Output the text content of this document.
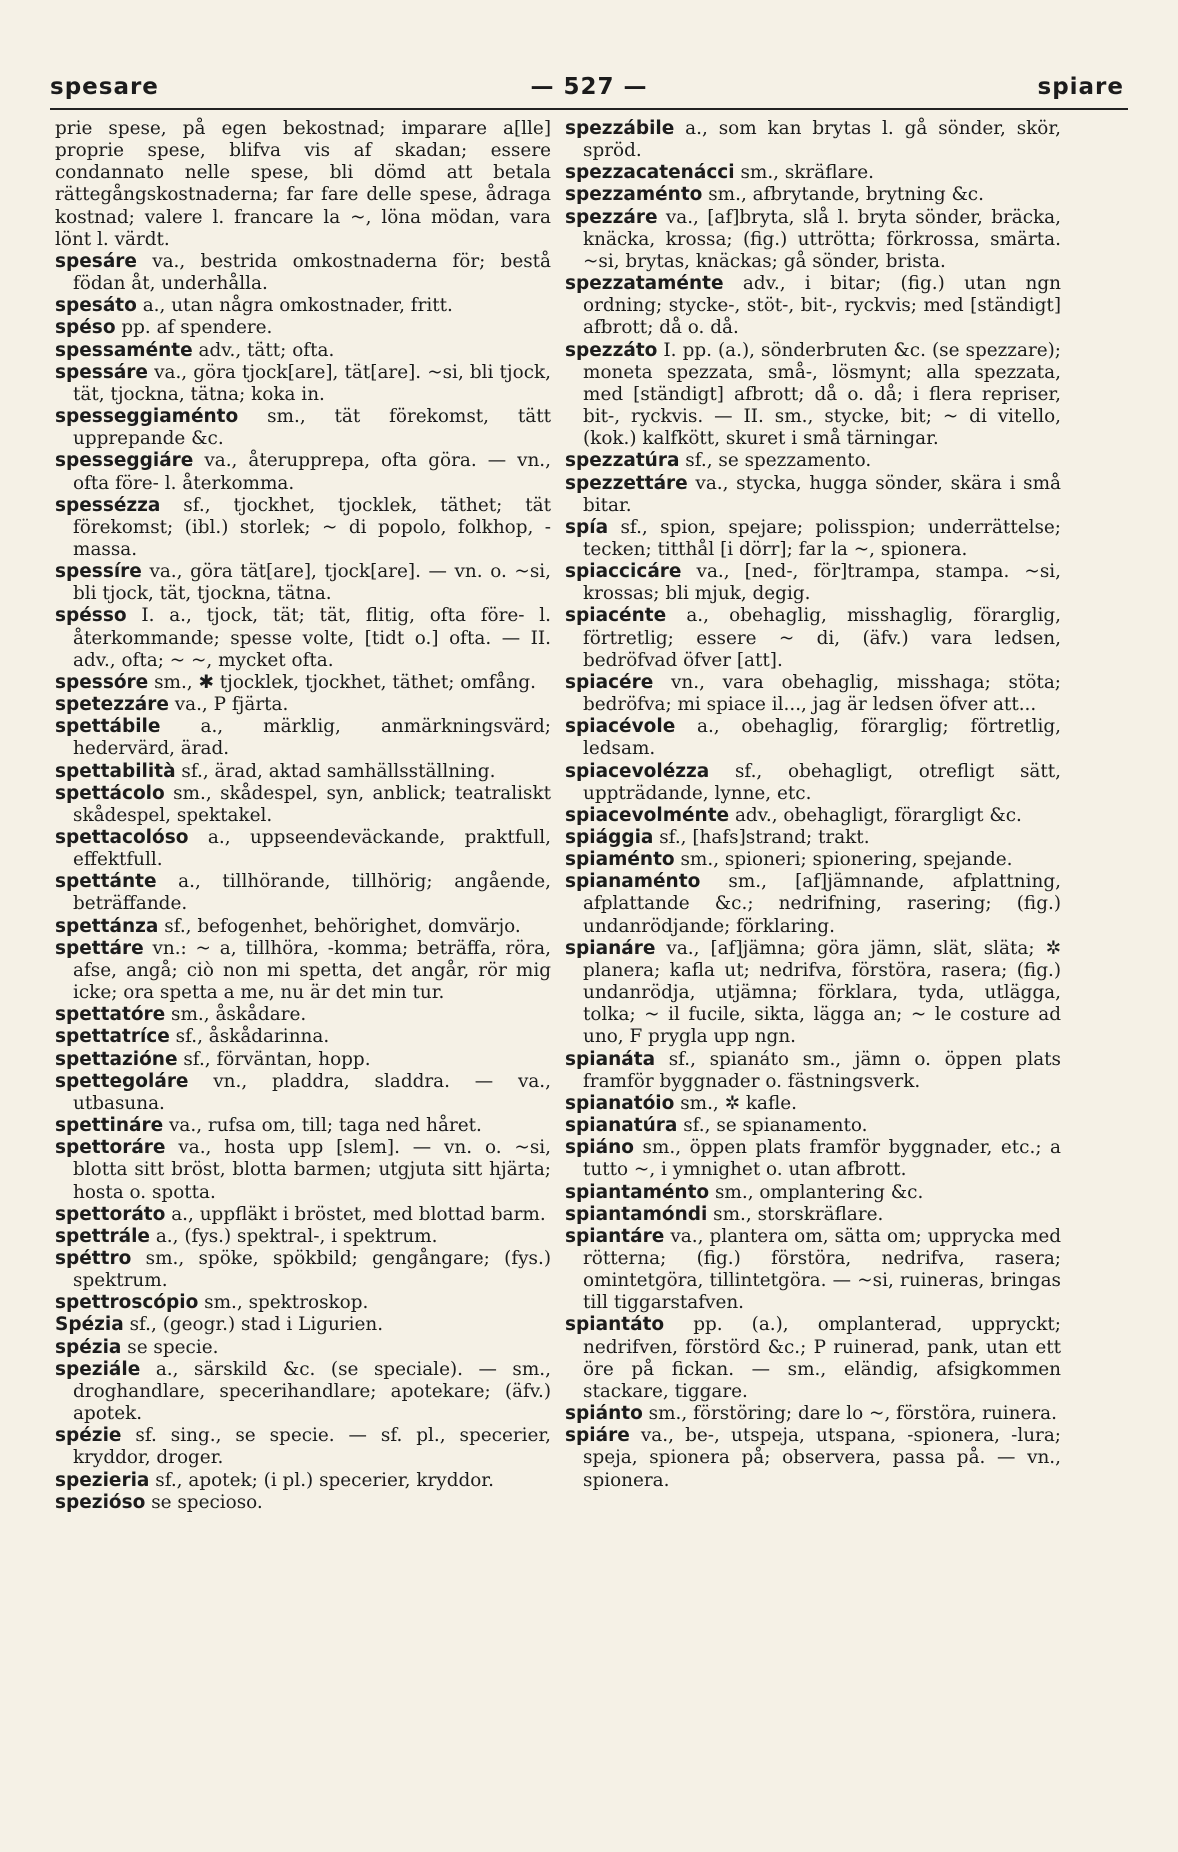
spesare	— 527 —	spiare

prie spese, på egen bekostnad; imparare a[lle] proprie spese, blifva vis af skadan; essere condannato nelle spese, bli dömd att betala rättegångskostnaderna; far fare delle spese, ådraga kostnad; valere l. francare la ~, löna mödan, vara lönt l. värdt.

spesáre va., bestrida omkostnaderna för; bestå födan åt, underhålla.

spesáto a., utan några omkostnader, fritt.

spéso pp. af spendere.

spessaménte adv., tätt; ofta.

spessáre va., göra tjock[are], tät[are]. ~si, bli tjock, tät, tjockna, tätna; koka in.

spesseggiaménto sm., tät förekomst, tätt upprepande &c.

spesseggiáre va., återupprepa, ofta göra. — vn., ofta före- l. återkomma.

spessézza sf., tjockhet, tjocklek, täthet; tät förekomst; (ibl.) storlek; ~ di popolo, folkhop, -massa.

spessíre va., göra tät[are], tjock[are]. — vn. o. ~si, bli tjock, tät, tjockna, tätna.

spésso I. a., tjock, tät; tät, flitig, ofta före- l. återkommande; spesse volte, [tidt o.] ofta. — II. adv., ofta; ~ ~, mycket ofta.

spessóre sm., ✱ tjocklek, tjockhet, täthet; omfång.

spetezzáre va., P fjärta.

spettábile a., märklig, anmärkningsvärd; hedervärd, ärad.

spettabilità sf., ärad, aktad samhällsställning.

spettácolo sm., skådespel, syn, anblick; teatraliskt skådespel, spektakel.

spettacolóso a., uppseendeväckande, praktfull, effektfull.

spettánte a., tillhörande, tillhörig; angående, beträffande.

spettánza sf., befogenhet, behörighet, domvärjo.

spettáre vn.: ~ a, tillhöra, -komma; beträffa, röra, afse, angå; ciò non mi spetta, det angår, rör mig icke; ora spetta a me, nu är det min tur.

spettatóre sm., åskådare.

spettatríce sf., åskådarinna.

spettazióne sf., förväntan, hopp.

spettegoláre vn., pladdra, sladdra. — va., utbasuna.

spettináre va., rufsa om, till; taga ned håret.

spettoráre va., hosta upp [slem]. — vn. o. ~si, blotta sitt bröst, blotta barmen; utgjuta sitt hjärta; hosta o. spotta.

spettoráto a., uppfläkt i bröstet, med blottad barm.

spettrále a., (fys.) spektral-, i spektrum.

spéttro sm., spöke, spökbild; gengångare; (fys.) spektrum.

spettroscópio sm., spektroskop.

Spézia sf., (geogr.) stad i Ligurien.

spézia se specie.

speziále a., särskild &c. (se speciale). — sm., droghandlare, specerihandlare; apotekare; (äfv.) apotek.

spézie sf. sing., se specie. — sf. pl., specerier, kryddor, droger.

spezieria sf., apotek; (i pl.) specerier, kryddor.

spezióso se specioso.

spezzábile a., som kan brytas l. gå sönder, skör, spröd.

spezzacatenácci sm., skräflare.

spezzaménto sm., afbrytande, brytning &c.

spezzáre va., [af]bryta, slå l. bryta sönder, bräcka, knäcka, krossa; (fig.) uttrötta; förkrossa, smärta. ~si, brytas, knäckas; gå sönder, brista.

spezzataménte adv., i bitar; (fig.) utan ngn ordning; stycke-, stöt-, bit-, ryckvis; med [ständigt] afbrott; då o. då.

spezzáto I. pp. (a.), sönderbruten &c. (se spezzare); moneta spezzata, små-, lösmynt; alla spezzata, med [ständigt] afbrott; då o. då; i flera repriser, bit-, ryckvis. — II. sm., stycke, bit; ~ di vitello, (kok.) kalfkött, skuret i små tärningar.

spezzatúra sf., se spezzamento.

spezzettáre va., stycka, hugga sönder, skära i små bitar.

spía sf., spion, spejare; polisspion; underrättelse; tecken; titthål [i dörr]; far la ~, spionera.

spiaccicáre va., [ned-, för]trampa, stampa. ~si, krossas; bli mjuk, degig.

spiacénte a., obehaglig, misshaglig, förarglig, förtretlig; essere ~ di, (äfv.) vara ledsen, bedröfvad öfver [att].

spiacére vn., vara obehaglig, misshaga; stöta; bedröfva; mi spiace il..., jag är ledsen öfver att...

spiacévole a., obehaglig, förarglig; förtretlig, ledsam.

spiacevolézza sf., obehagligt, otrefligt sätt, uppträdande, lynne, etc.

spiacevolménte adv., obehagligt, förargligt &c.

spiággia sf., [hafs]strand; trakt.

spiaménto sm., spioneri; spionering, spejande.

spianaménto sm., [af]jämnande, afplattning, afplattande &c.; nedrifning, rasering; (fig.) undanrödjande; förklaring.

spianáre va., [af]jämna; göra jämn, slät, släta; ✲ planera; kafla ut; nedrifva, förstöra, rasera; (fig.) undanrödja, utjämna; förklara, tyda, utlägga, tolka; ~ il fucile, sikta, lägga an; ~ le costure ad uno, F prygla upp ngn.

spianáta sf., spianáto sm., jämn o. öppen plats framför byggnader o. fästningsverk.

spianatóio sm., ✲ kafle.

spianatúra sf., se spianamento.

spiáno sm., öppen plats framför byggnader, etc.; a tutto ~, i ymnighet o. utan afbrott.

spiantaménto sm., omplantering &c.

spiantamóndi sm., storskräflare.

spiantáre va., plantera om, sätta om; upprycka med rötterna; (fig.) förstöra, nedrifva, rasera; omintetgöra, tillintetgöra. — ~si, ruineras, bringas till tiggarstafven.

spiantáto pp. (a.), omplanterad, uppryckt; nedrifven, förstörd &c.; P ruinerad, pank, utan ett öre på fickan. — sm., eländig, afsigkommen stackare, tiggare.

spiánto sm., förstöring; dare lo ~, förstöra, ruinera.

spiáre va., be-, utspeja, utspana, -spionera, -lura; speja, spionera på; observera, passa på. — vn., spionera.
